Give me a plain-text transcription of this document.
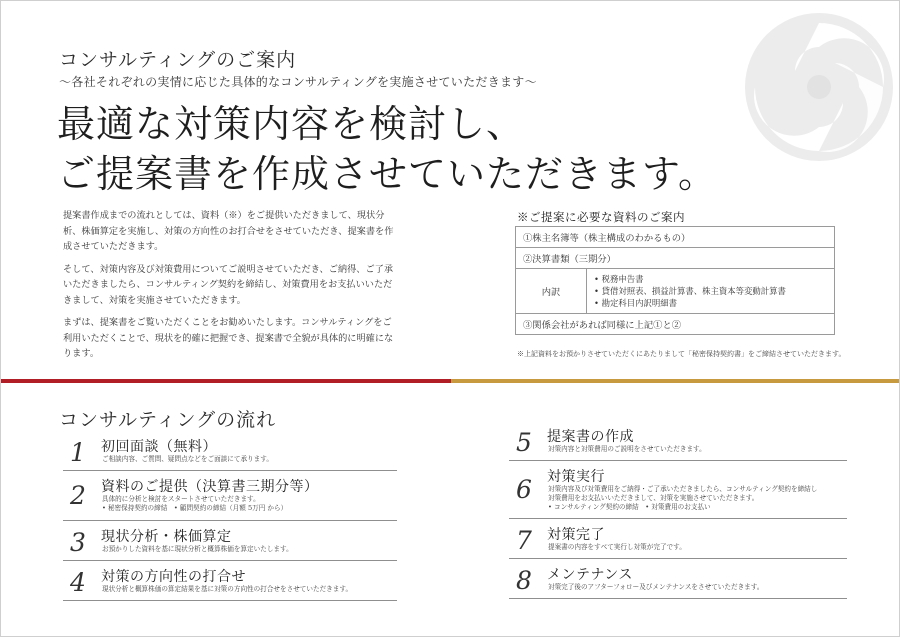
コンサルティングのご案内
～各社それぞれの実情に応じた具体的なコンサルティングを実施させていただきます～
最適な対策内容を検討し、
ご提案書を作成させていただきます。

提案書作成までの流れとしては、資料（※）をご提供いただきまして、現状分析、株価算定を実施し、対策の方向性のお打合せをさせていただき、提案書を作成させていただきます。

そして、対策内容及び対策費用についてご説明させていただき、ご納得、ご了承いただきましたら、コンサルティング契約を締結し、対策費用をお支払いいただきまして、対策を実施させていただきます。

まずは、提案書をご覧いただくことをお勧めいたします。コンサルティングをご利用いただくことで、現状を的確に把握でき、提案書で全貌が具体的に明確になります。

※ご提案に必要な資料のご案内
①株主名簿等（株主構成のわかるもの）
②決算書類（三期分）
内訳	
• 税務申告書
• 貸借対照表、損益計算書、株主資本等変動計算書
• 勘定科目内訳明細書

③関係会社があれば同様に上記①と②
※上記資料をお預かりさせていただくにあたりまして「秘密保持契約書」をご締結させていただきます。
コンサルティングの流れ
1	初回面談（無料）
ご相談内容、ご質問、疑問点などをご面談にて承ります。
2	資料のご提供（決算書三期分等）
具体的に分析と検討をスタートさせていただきます。
• 秘密保持契約の締結　• 顧問契約の締結（月額 5万円 から）
3	現状分析・株価算定
お預かりした資料を基に現状分析と概算株価を算定いたします。
4	対策の方向性の打合せ
現状分析と概算株価の算定結果を基に対策の方向性の打合せをさせていただきます。
5	提案書の作成
対策内容と対策費用のご説明をさせていただきます。
6	対策実行
対策内容及び対策費用をご納得・ご了承いただきましたら、コンサルティング契約を締結し
対策費用をお支払いいただきまして、対策を実施させていただきます。
• コンサルティング契約の締結　• 対策費用のお支払い
7	対策完了
提案書の内容をすべて実行し対策が完了です。
8	メンテナンス
対策完了後のアフターフォロー及びメンテナンスをさせていただきます。
